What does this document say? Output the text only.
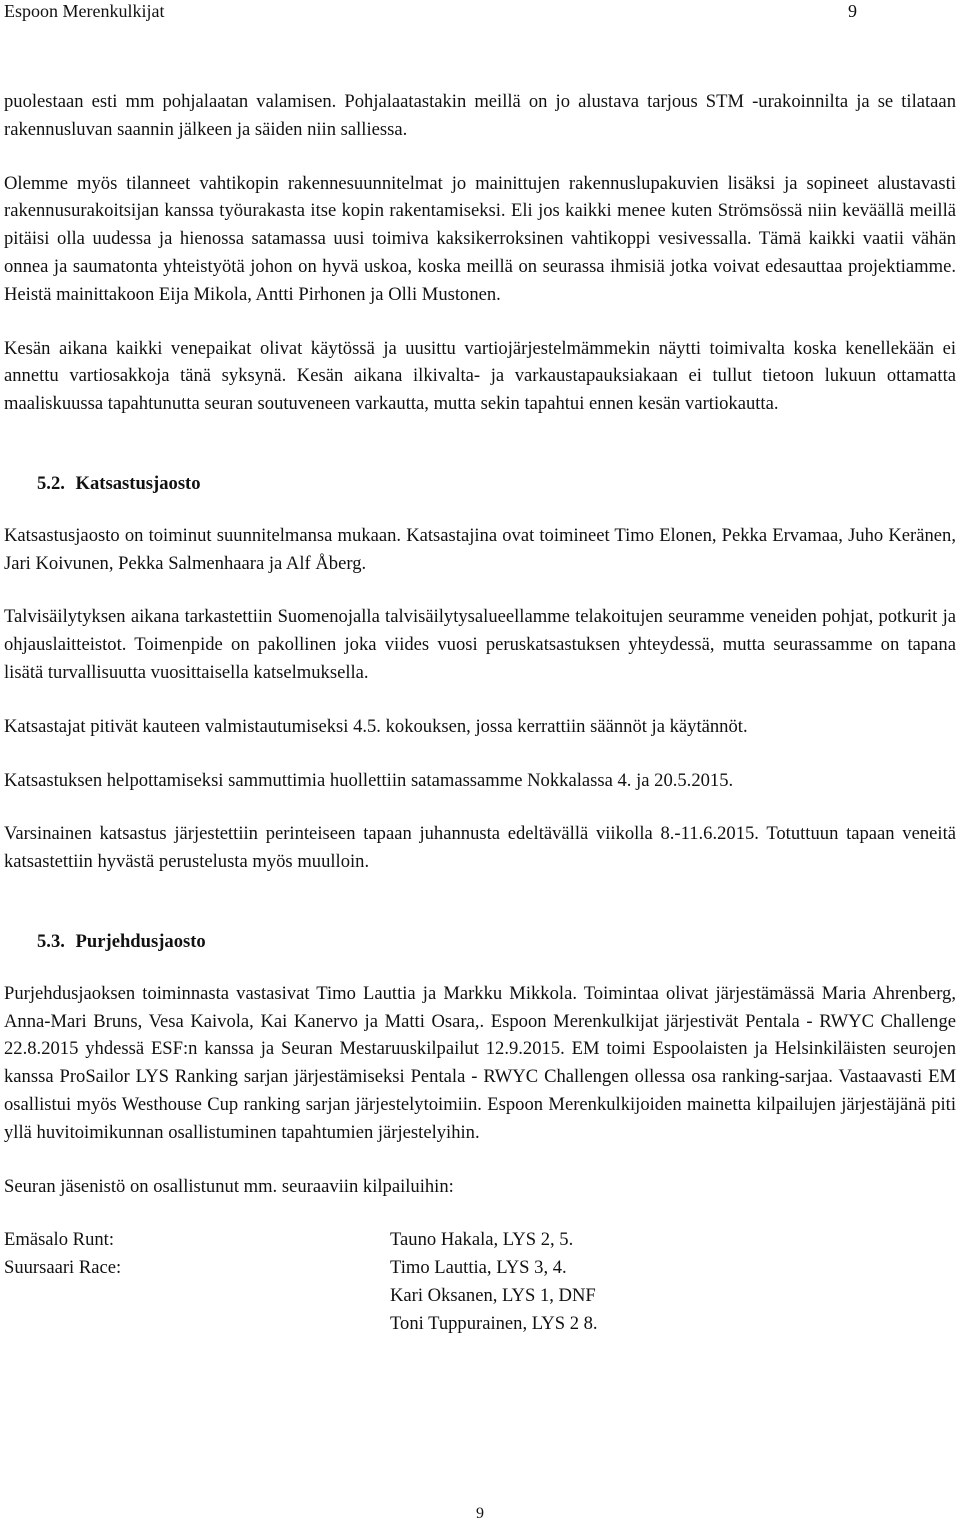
Espoon Merenkulkijat	9

puolestaan esti mm pohjalaatan valamisen. Pohjalaatastakin meillä on jo alustava tarjous STM -urakoinnilta ja se tilataan rakennusluvan saannin jälkeen ja säiden niin salliessa.

Olemme myös tilanneet vahtikopin rakennesuunnitelmat jo mainittujen rakennuslupakuvien lisäksi ja sopineet alustavasti rakennusurakoitsijan kanssa työurakasta itse kopin rakentamiseksi. Eli jos kaikki menee kuten Strömsössä niin keväällä meillä pitäisi olla uudessa ja hienossa satamassa uusi toimiva kaksikerroksinen vahtikoppi vesivessalla. Tämä kaikki vaatii vähän onnea ja saumatonta yhteistyötä johon on hyvä uskoa, koska meillä on seurassa ihmisiä jotka voivat edesauttaa projektiamme. Heistä mainittakoon Eija Mikola, Antti Pirhonen ja Olli Mustonen.

Kesän aikana kaikki venepaikat olivat käytössä ja uusittu vartiojärjestelmämmekin näytti toimivalta koska kenellekään ei annettu vartiosakkoja tänä syksynä. Kesän aikana ilkivalta- ja varkaustapauksiakaan ei tullut tietoon lukuun ottamatta maaliskuussa tapahtunutta seuran soutuveneen varkautta, mutta sekin tapahtui ennen kesän vartiokautta.

5.2. Katsastusjaosto

Katsastusjaosto on toiminut suunnitelmansa mukaan. Katsastajina ovat toimineet Timo Elonen, Pekka Ervamaa, Juho Keränen, Jari Koivunen, Pekka Salmenhaara ja Alf Åberg.

Talvisäilytyksen aikana tarkastettiin Suomenojalla talvisäilytysalueellamme telakoitujen seuramme veneiden pohjat, potkurit ja ohjauslaitteistot. Toimenpide on pakollinen joka viides vuosi peruskatsastuksen yhteydessä, mutta seurassamme on tapana lisätä turvallisuutta vuosittaisella katselmuksella.

Katsastajat pitivät kauteen valmistautumiseksi 4.5. kokouksen, jossa kerrattiin säännöt ja käytännöt.

Katsastuksen helpottamiseksi sammuttimia huollettiin satamassamme Nokkalassa 4. ja 20.5.2015.

Varsinainen katsastus järjestettiin perinteiseen tapaan juhannusta edeltävällä viikolla 8.-11.6.2015. Totuttuun tapaan veneitä katsastettiin hyvästä perustelusta myös muulloin.

5.3. Purjehdusjaosto

Purjehdusjaoksen toiminnasta vastasivat Timo Lauttia ja Markku Mikkola. Toimintaa olivat järjestämässä Maria Ahrenberg, Anna-Mari Bruns, Vesa Kaivola, Kai Kanervo ja Matti Osara,. Espoon Merenkulkijat järjestivät Pentala - RWYC Challenge 22.8.2015 yhdessä ESF:n kanssa ja Seuran Mestaruuskilpailut 12.9.2015. EM toimi Espoolaisten ja Helsinkiläisten seurojen kanssa ProSailor LYS Ranking sarjan järjestämiseksi Pentala - RWYC Challengen ollessa osa ranking-sarjaa. Vastaavasti EM osallistui myös Westhouse Cup ranking sarjan järjestelytoimiin. Espoon Merenkulkijoiden mainetta kilpailujen järjestäjänä piti yllä huvitoimikunnan osallistuminen tapahtumien järjestelyihin.

Seuran jäsenistö on osallistunut mm. seuraaviin kilpailuihin:

Emäsalo Runt:	Tauno Hakala, LYS 2, 5.
Suursaari Race:	Timo Lauttia, LYS 3, 4.
Kari Oksanen, LYS 1, DNF
Toni Tuppurainen, LYS 2 8.
9
